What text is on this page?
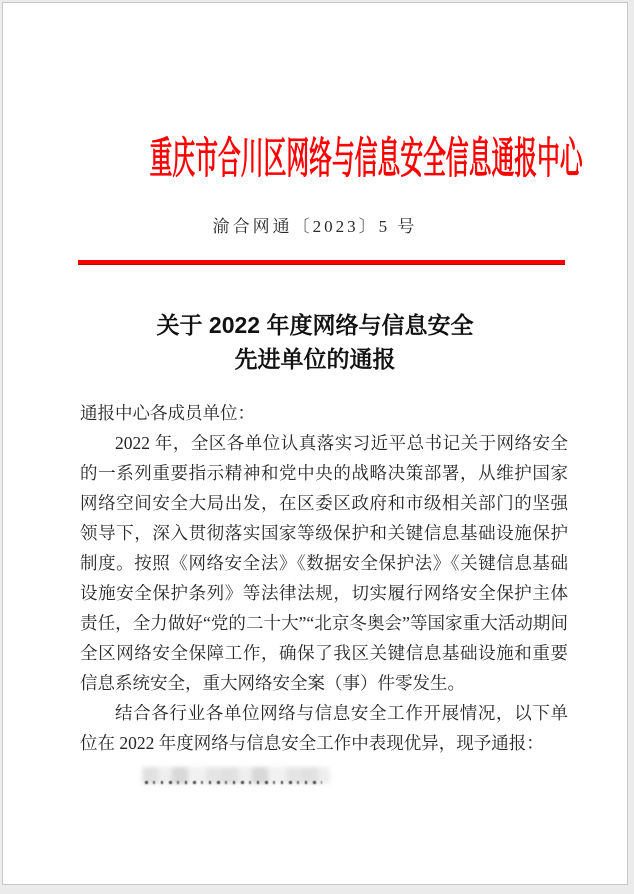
重庆市合川区网络与信息安全信息通报中心
渝合网通〔2023〕5 号
关于 2022 年度网络与信息安全
先进单位的通报

通报中心各成员单位：

2022 年，全区各单位认真落实习近平总书记关于网络安全的一系列重要指示精神和党中央的战略决策部署，从维护国家网络空间安全大局出发，在区委区政府和市级相关部门的坚强领导下，深入贯彻落实国家等级保护和关键信息基础设施保护制度。按照《网络安全法》《数据安全保护法》《关键信息基础设施安全保护条列》等法律法规，切实履行网络安全保护主体责任，全力做好“党的二十大”“北京冬奥会”等国家重大活动期间全区网络安全保障工作，确保了我区关键信息基础设施和重要信息系统安全，重大网络安全案（事）件零发生。

结合各行业各单位网络与信息安全工作开展情况，以下单位在 2022 年度网络与信息安全工作中表现优异，现予通报：
